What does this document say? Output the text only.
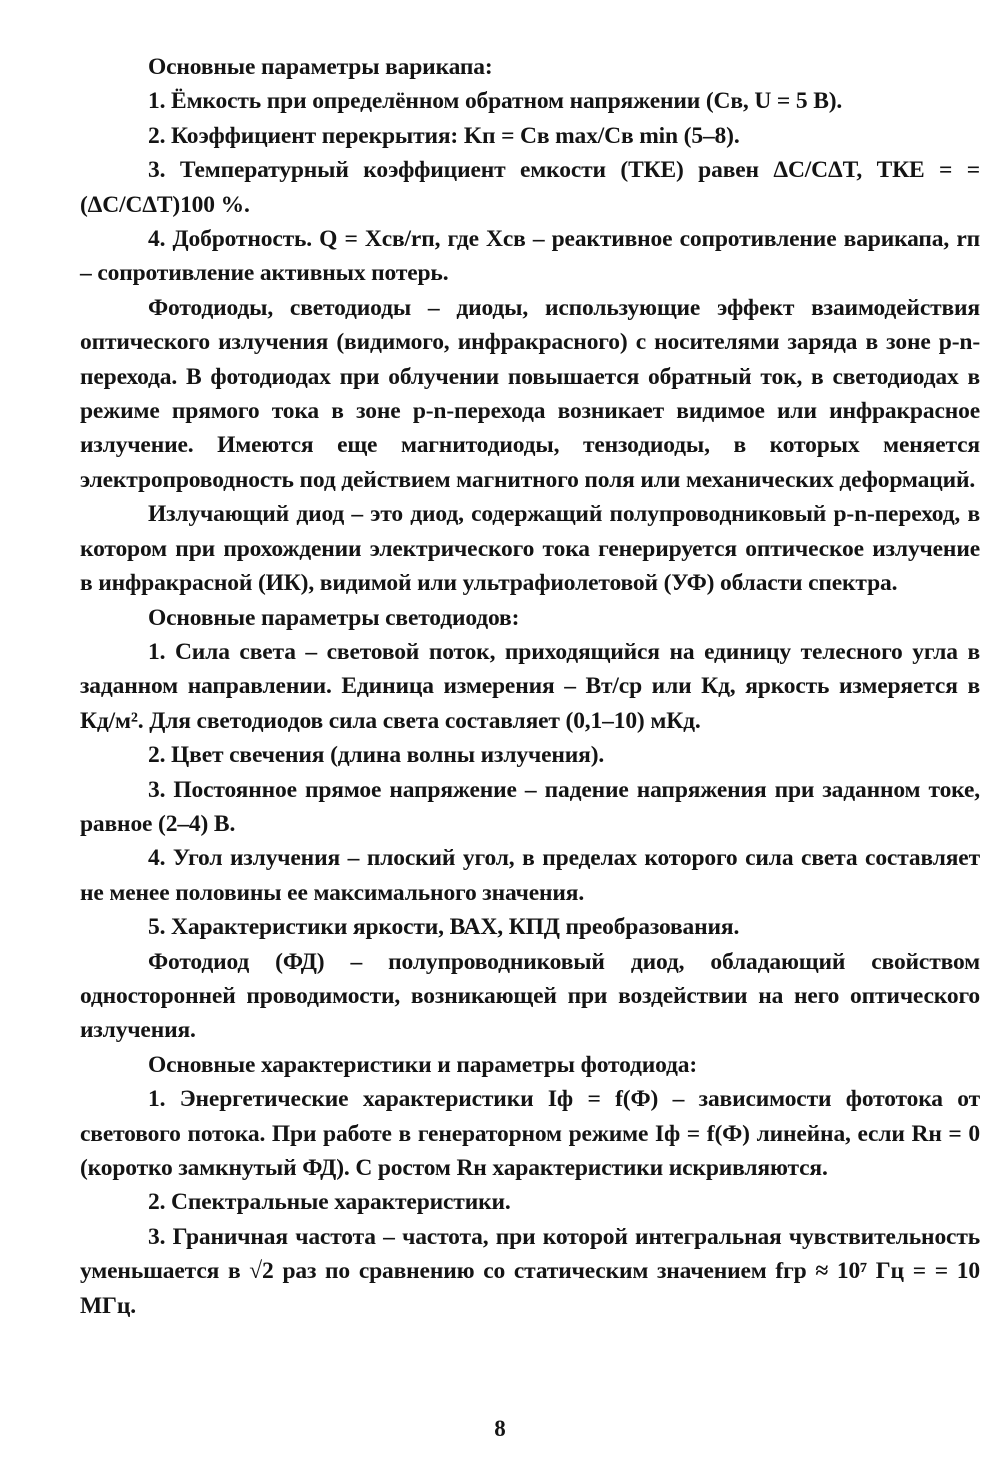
Основные параметры варикапа:

1. Ёмкость при определённом обратном напряжении (Cв, U = 5 В).

2. Коэффициент перекрытия: Kп = Cв max/Cв min (5–8).

3. Температурный коэффициент емкости (ТКЕ) равен ΔC/CΔT, ТКЕ = = (ΔC/CΔT)100 %.

4. Добротность. Q = Xсв/rп, где Xсв – реактивное сопротивление варикапа, rп – сопротивление активных потерь.

Фотодиоды, светодиоды – диоды, использующие эффект взаимодействия оптического излучения (видимого, инфракрасного) с носителями заряда в зоне p-n-перехода. В фотодиодах при облучении повышается обратный ток, в светодиодах в режиме прямого тока в зоне p-n-перехода возникает видимое или инфракрасное излучение. Имеются еще магнитодиоды, тензодиоды, в которых меняется электропроводность под действием магнитного поля или механических деформаций.

Излучающий диод – это диод, содержащий полупроводниковый p-n-переход, в котором при прохождении электрического тока генерируется оптическое излучение в инфракрасной (ИК), видимой или ультрафиолетовой (УФ) области спектра.

Основные параметры светодиодов:

1. Сила света – световой поток, приходящийся на единицу телесного угла в заданном направлении. Единица измерения – Вт/ср или Кд, яркость измеряется в Кд/м². Для светодиодов сила света составляет (0,1–10) мКд.

2. Цвет свечения (длина волны излучения).

3. Постоянное прямое напряжение – падение напряжения при заданном токе, равное (2–4) В.

4. Угол излучения – плоский угол, в пределах которого сила света составляет не менее половины ее максимального значения.

5. Характеристики яркости, ВАХ, КПД преобразования.

Фотодиод (ФД) – полупроводниковый диод, обладающий свойством односторонней проводимости, возникающей при воздействии на него оптического излучения.

Основные характеристики и параметры фотодиода:

1. Энергетические характеристики Iф = f(Ф) – зависимости фототока от светового потока. При работе в генераторном режиме Iф = f(Ф) линейна, если Rн = 0 (коротко замкнутый ФД). С ростом Rн характеристики искривляются.

2. Спектральные характеристики.

3. Граничная частота – частота, при которой интегральная чувствительность уменьшается в √2 раз по сравнению со статическим значением fгр ≈ 10⁷ Гц = = 10 МГц.

8
